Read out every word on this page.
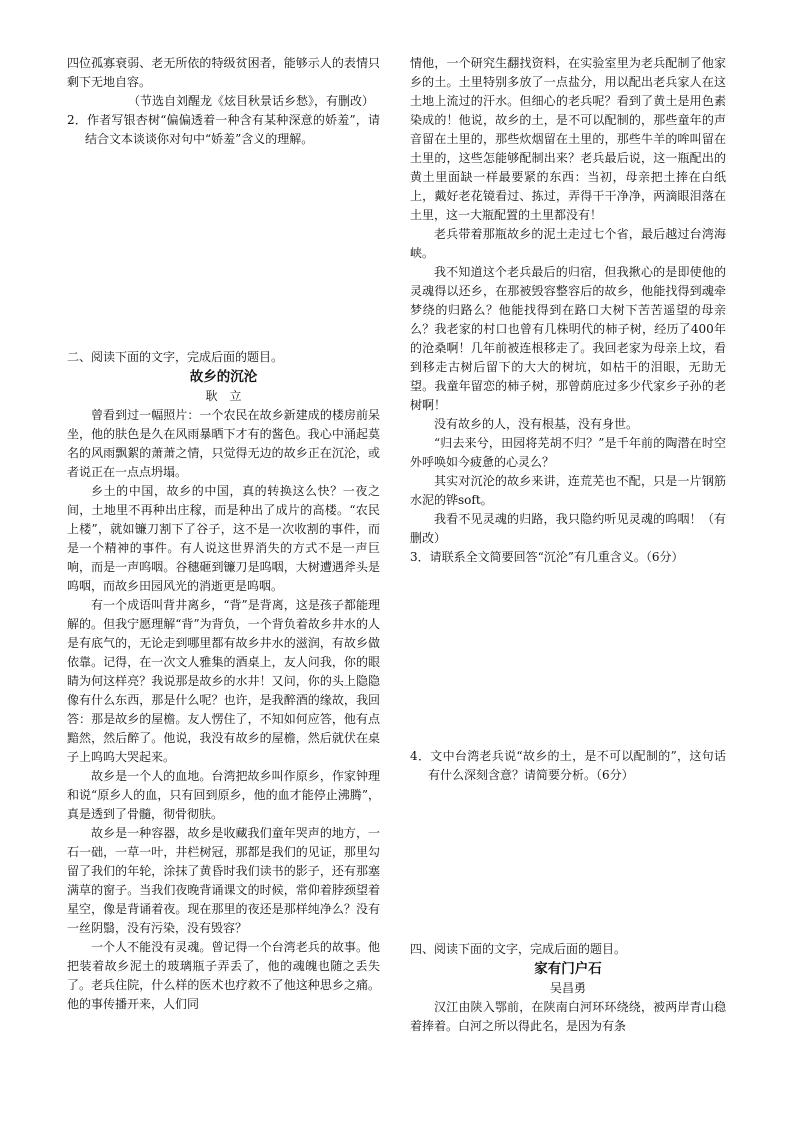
四位孤寡衰弱、老无所依的特级贫困者，能够示人的表情只剩下无地自容。

（节选自刘醒龙《炫目秋景话乡愁》，有删改）

2．作者写银杏树“偏偏透着一种含有某种深意的娇羞”，请结合文本谈谈你对句中“娇羞”含义的理解。

二、阅读下面的文字，完成后面的题目。

故乡的沉沦

耿　立

曾看到过一幅照片：一个农民在故乡新建成的楼房前呆坐，他的肤色是久在风雨暴晒下才有的酱色。我心中涌起莫名的风雨飘絮的萧萧之情，只觉得无边的故乡正在沉沦，或者说正在一点点坍塌。

乡土的中国，故乡的中国，真的转换这么快？一夜之间，土地里不再种出庄稼，而是种出了成片的高楼。“农民上楼”，就如镰刀割下了谷子，这不是一次收割的事件，而是一个精神的事件。有人说这世界消失的方式不是一声巨响，而是一声呜咽。谷穗砸到镰刀是呜咽，大树遭遇斧头是呜咽，而故乡田园风光的消逝更是呜咽。

有一个成语叫背井离乡，“背”是背离，这是孩子都能理解的。但我宁愿理解“背”为背负，一个背负着故乡井水的人是有底气的，无论走到哪里都有故乡井水的滋润，有故乡做依靠。记得，在一次文人雅集的酒桌上，友人问我，你的眼睛为何这样亮？我说那是故乡的水井！又问，你的头上隐隐像有什么东西，那是什么呢？也许，是我醉酒的缘故，我回答：那是故乡的屋檐。友人愣住了，不知如何应答，他有点黯然，然后醉了。他说，我没有故乡的屋檐，然后就伏在桌子上呜呜大哭起来。

故乡是一个人的血地。台湾把故乡叫作原乡，作家钟理和说“原乡人的血，只有回到原乡，他的血才能停止沸腾”，真是透到了骨髓，彻骨彻肤。

故乡是一种容器，故乡是收藏我们童年哭声的地方，一石一础，一草一叶，井栏树冠，那都是我们的见证，那里勾留了我们的年轮，涂抹了黄昏时我们读书的影子，还有那塞满草的窗子。当我们夜晚背诵课文的时候，常仰着脖颈望着星空，像是背诵着夜。现在那里的夜还是那样纯净么？没有一丝阴翳，没有污染，没有毁容？

一个人不能没有灵魂。曾记得一个台湾老兵的故事。他把装着故乡泥土的玻璃瓶子弄丢了，他的魂魄也随之丢失了。老兵住院，什么样的医术也疗救不了他这种思乡之痛。他的事传播开来，人们同

情他，一个研究生翻找资料，在实验室里为老兵配制了他家乡的土。土里特别多放了一点盐分，用以配出老兵家人在这土地上流过的汗水。但细心的老兵呢？看到了黄土是用色素染成的！他说，故乡的土，是不可以配制的，那些童年的声音留在土里的，那些炊烟留在土里的，那些牛羊的哞叫留在土里的，这些怎能够配制出来？老兵最后说，这一瓶配出的黄土里面缺一样最要紧的东西：当初，母亲把土捧在白纸上，戴好老花镜看过、拣过，弄得干干净净，两滴眼泪落在土里，这一大瓶配置的土里都没有！

老兵带着那瓶故乡的泥土走过七个省，最后越过台湾海峡。

我不知道这个老兵最后的归宿，但我揪心的是即使他的灵魂得以还乡，在那被毁容整容后的故乡，他能找得到魂牵梦绕的归路么？他能找得到在路口大树下苦苦遥望的母亲么？我老家的村口也曾有几株明代的柿子树，经历了400年的沧桑啊！几年前被连根移走了。我回老家为母亲上坟，看到移走古树后留下的大大的树坑，如枯干的泪眼，无助无望。我童年留恋的柿子树，那曾荫庇过多少代家乡子孙的老树啊！

没有故乡的人，没有根基，没有身世。

“归去来兮，田园将芜胡不归？”是千年前的陶潜在时空外呼唤如今疲惫的心灵么？

其实对沉沦的故乡来讲，连荒芜也不配，只是一片钢筋水泥的铧soft。

我看不见灵魂的归路，我只隐约听见灵魂的呜咽！（有删改）

3．请联系全文简要回答“沉沦”有几重含义。（6分）

4．文中台湾老兵说“故乡的土，是不可以配制的”，这句话有什么深刻含意？请简要分析。（6分）

四、阅读下面的文字，完成后面的题目。

家有门户石

吴昌勇

汉江由陕入鄂前，在陕南白河环环绕绕，被两岸青山稳着捧着。白河之所以得此名，是因为有条
